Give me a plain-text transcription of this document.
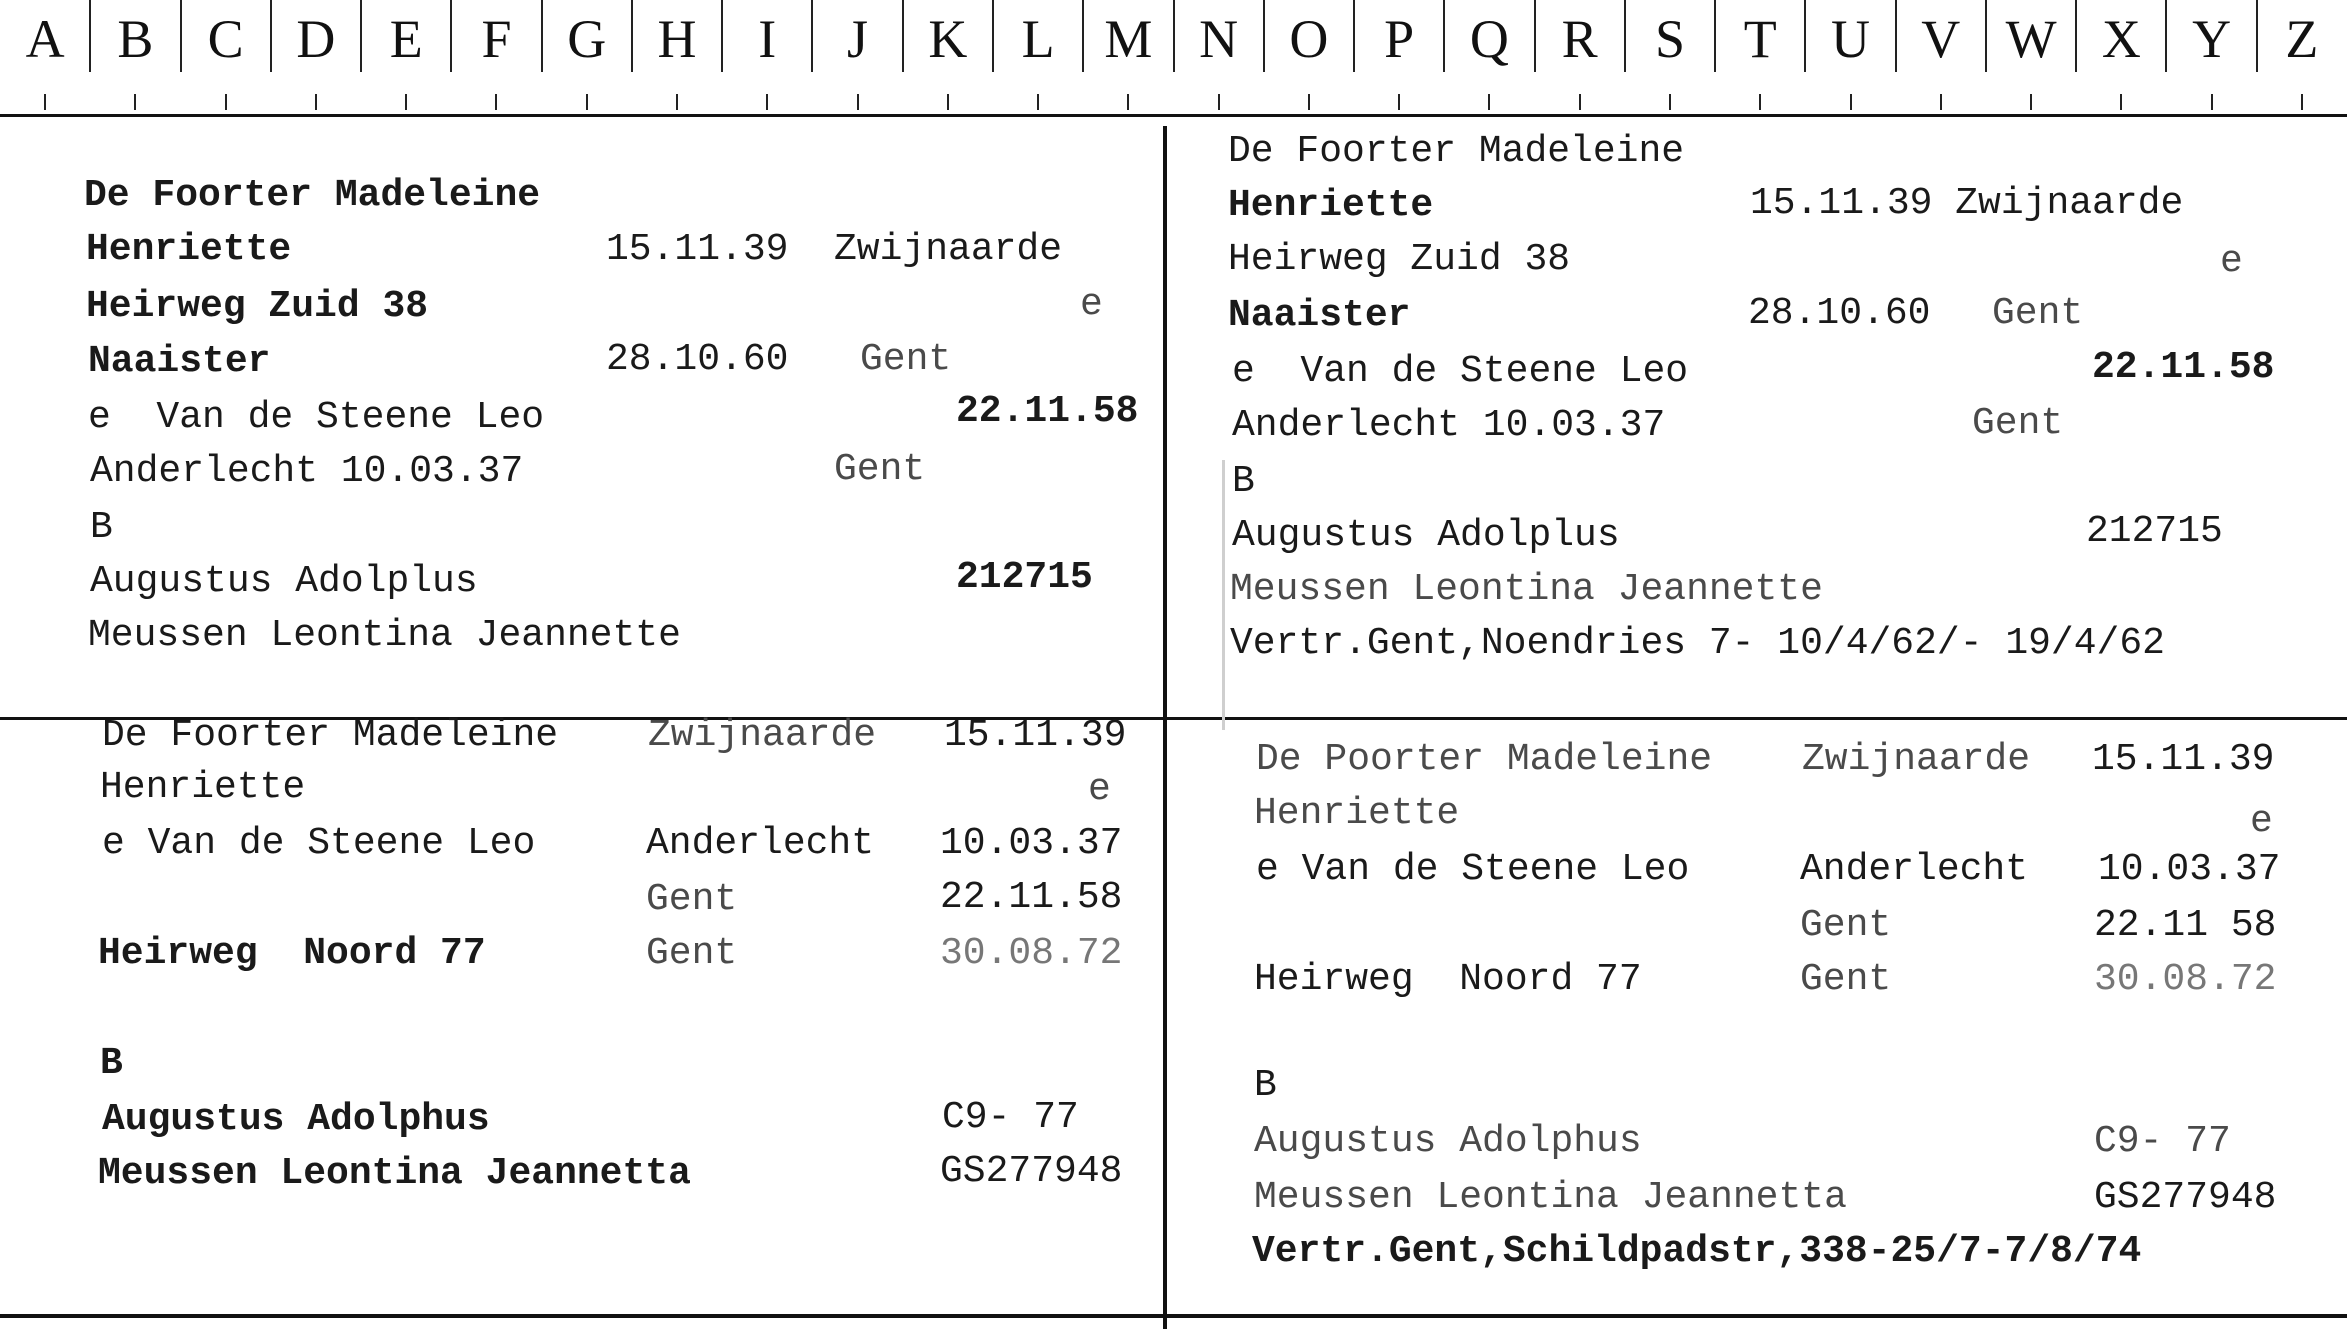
A B	C D	E	F	G H	I	J	K	L M N O	P	Q R	S	T	U V W X Y	Z
De Foorter Madeleine
Henriette	15.11.39 Zwijnaarde
Heirweg Zuid 38	e
Naaister	28.10.60 Gent
e  Van de Steene Leo	22.11.58
Anderlecht 10.03.37	Gent
B
Augustus Adolplus	212715
Meussen Leontina Jeannette
De Foorter Madeleine
Henriette	15.11.39 Zwijnaarde
Heirweg Zuid 38	e
Naaister	28.10.60 Gent
e  Van de Steene Leo	22.11.58
Anderlecht 10.03.37	Gent
B
Augustus Adolplus	212715
Meussen Leontina Jeannette
Vertr.Gent,Noendries 7- 10/4/62/- 19/4/62
De Foorter Madeleine Zwijnaarde 15.11.39
Henriette	e
e Van de Steene Leo	Anderlecht 10.03.37
Gent	22.11.58
Heirweg  Noord 77	Gent	30.08.72
B
Augustus Adolphus	C9- 77
Meussen Leontina Jeannetta	GS277948
De Poorter Madeleine Zwijnaarde 15.11.39
Henriette	e
e Van de Steene Leo	Anderlecht 10.03.37
Gent	22.11 58
Heirweg  Noord 77	Gent	30.08.72
B
Augustus Adolphus	C9- 77
Meussen Leontina Jeannetta	GS277948
Vertr.Gent,Schildpadstr,338-25/7-7/8/74
